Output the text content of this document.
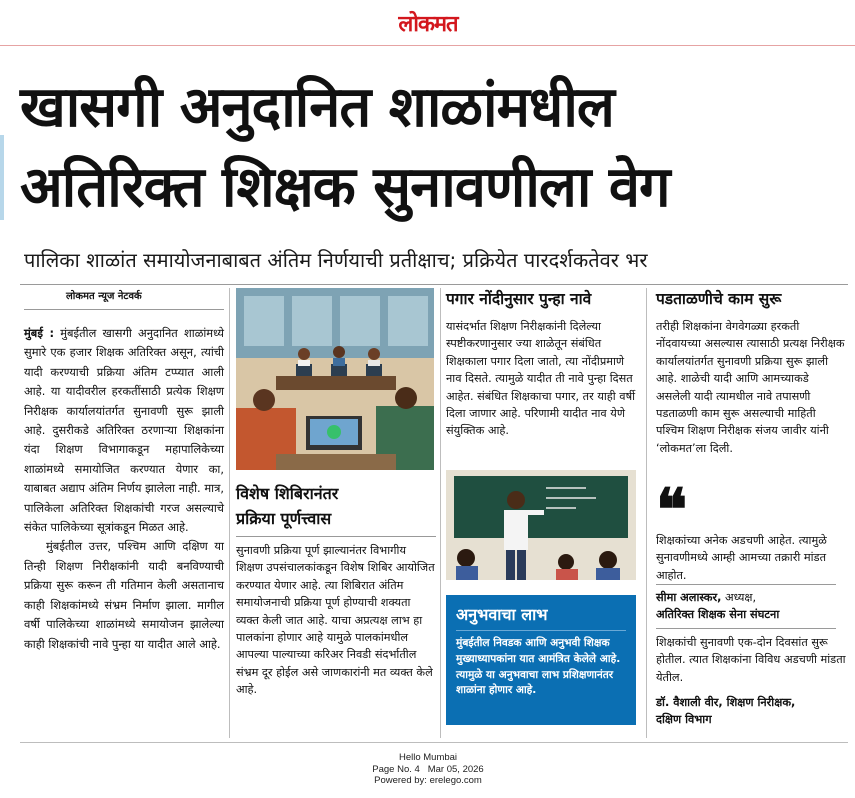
लोकमत
खासगी अनुदानित शाळांमधील
अतिरिक्त शिक्षक सुनावणीला वेग
पालिका शाळांत समायोजनाबाबत अंतिम निर्णयाची प्रतीक्षाच; प्रक्रियेत पारदर्शकतेवर भर
लोकमत न्यूज नेटवर्क

मुंबई : मुंबईतील खासगी अनुदानित शाळांमध्ये सुमारे एक हजार शिक्षक अतिरिक्त असून, त्यांची यादी करण्याची प्रक्रिया अंतिम टप्प्यात आली आहे. या यादीवरील हरकतींसाठी प्रत्येक शिक्षण निरीक्षक कार्यालयांतर्गत सुनावणी सुरू झाली आहे. दुसरीकडे अतिरिक्त ठरणाऱ्या शिक्षकांना यंदा शिक्षण विभागाकडून महापालिकेच्या शाळांमध्ये समायोजित करण्यात येणार का, याबाबत अद्याप अंतिम निर्णय झालेला नाही. मात्र, पालिकेला अतिरिक्त शिक्षकांची गरज असल्याचे संकेत पालिकेच्या सूत्रांकडून मिळत आहे.

मुंबईतील उत्तर, पश्चिम आणि दक्षिण या तिन्ही शिक्षण निरीक्षकांनी यादी बनविण्याची प्रक्रिया सुरू करून ती गतिमान केली असतानाच काही शिक्षकांमध्ये संभ्रम निर्माण झाला. मागील वर्षी पालिकेच्या शाळांमध्ये समायोजन झालेल्या काही शिक्षकांची नावे पुन्हा या यादीत आले आहे.

विशेष शिबिरानंतर
प्रक्रिया पूर्णत्त्वास
सुनावणी प्रक्रिया पूर्ण झाल्यानंतर विभागीय शिक्षण उपसंचालकांकडून विशेष शिबिर आयोजित करण्यात येणार आहे. त्या शिबिरात अंतिम समायोजनाची प्रक्रिया पूर्ण होण्याची शक्यता व्यक्त केली जात आहे. याचा अप्रत्यक्ष लाभ हा पालकांना होणार आहे यामुळे पालकांमधील आपल्या पाल्याच्या करिअर निवडी संदर्भातील संभ्रम दूर होईल असे जाणकारांनी मत व्यक्त केले आहे.
पगार नोंदीनुसार पुन्हा नावे
यासंदर्भात शिक्षण निरीक्षकांनी दिलेल्या स्पष्टीकरणानुसार ज्या शाळेतून संबंधित शिक्षकाला पगार दिला जातो, त्या नोंदीप्रमाणे नाव दिसते. त्यामुळे यादीत ती नावे पुन्हा दिसत आहेत. संबंधित शिक्षकाचा पगार, तर याही वर्षी दिला जाणार आहे. परिणामी यादीत नाव येणे संयुक्तिक आहे.
अनुभवाचा लाभ
मुंबईतील निवडक आणि अनुभवी शिक्षक मुख्याध्यापकांना यात आमंत्रित केलेले आहे. त्यामुळे या अनुभवाचा लाभ प्रशिक्षणानंतर शाळांना होणार आहे.
पडताळणीचे काम सुरू
तरीही शिक्षकांना वेगवेगळ्या हरकती नोंदवायच्या असल्यास त्यासाठी प्रत्यक्ष निरीक्षक कार्यालयांतर्गत सुनावणी प्रक्रिया सुरू झाली आहे. शाळेची यादी आणि आमच्याकडे असलेली यादी त्यामधील नावे तपासणी पडताळणी काम सुरू असल्याची माहिती पश्चिम शिक्षण निरीक्षक संजय जावीर यांनी ‘लोकमत’ला दिली.
❝
शिक्षकांच्या अनेक अडचणी आहेत. त्यामुळे सुनावणीमध्ये आम्ही आमच्या तक्रारी मांडत आहोत.
सीमा अलास्कर, अध्यक्ष,
अतिरिक्त शिक्षक सेना संघटना
शिक्षकांची सुनावणी एक-दोन दिवसांत सुरू होतील. त्यात शिक्षकांना विविध अडचणी मांडता येतील.
डॉ. वैशाली वीर, शिक्षण निरीक्षक,
दक्षिण विभाग
Hello Mumbai
Page No. 4 Mar 05, 2026
Powered by: erelego.com
